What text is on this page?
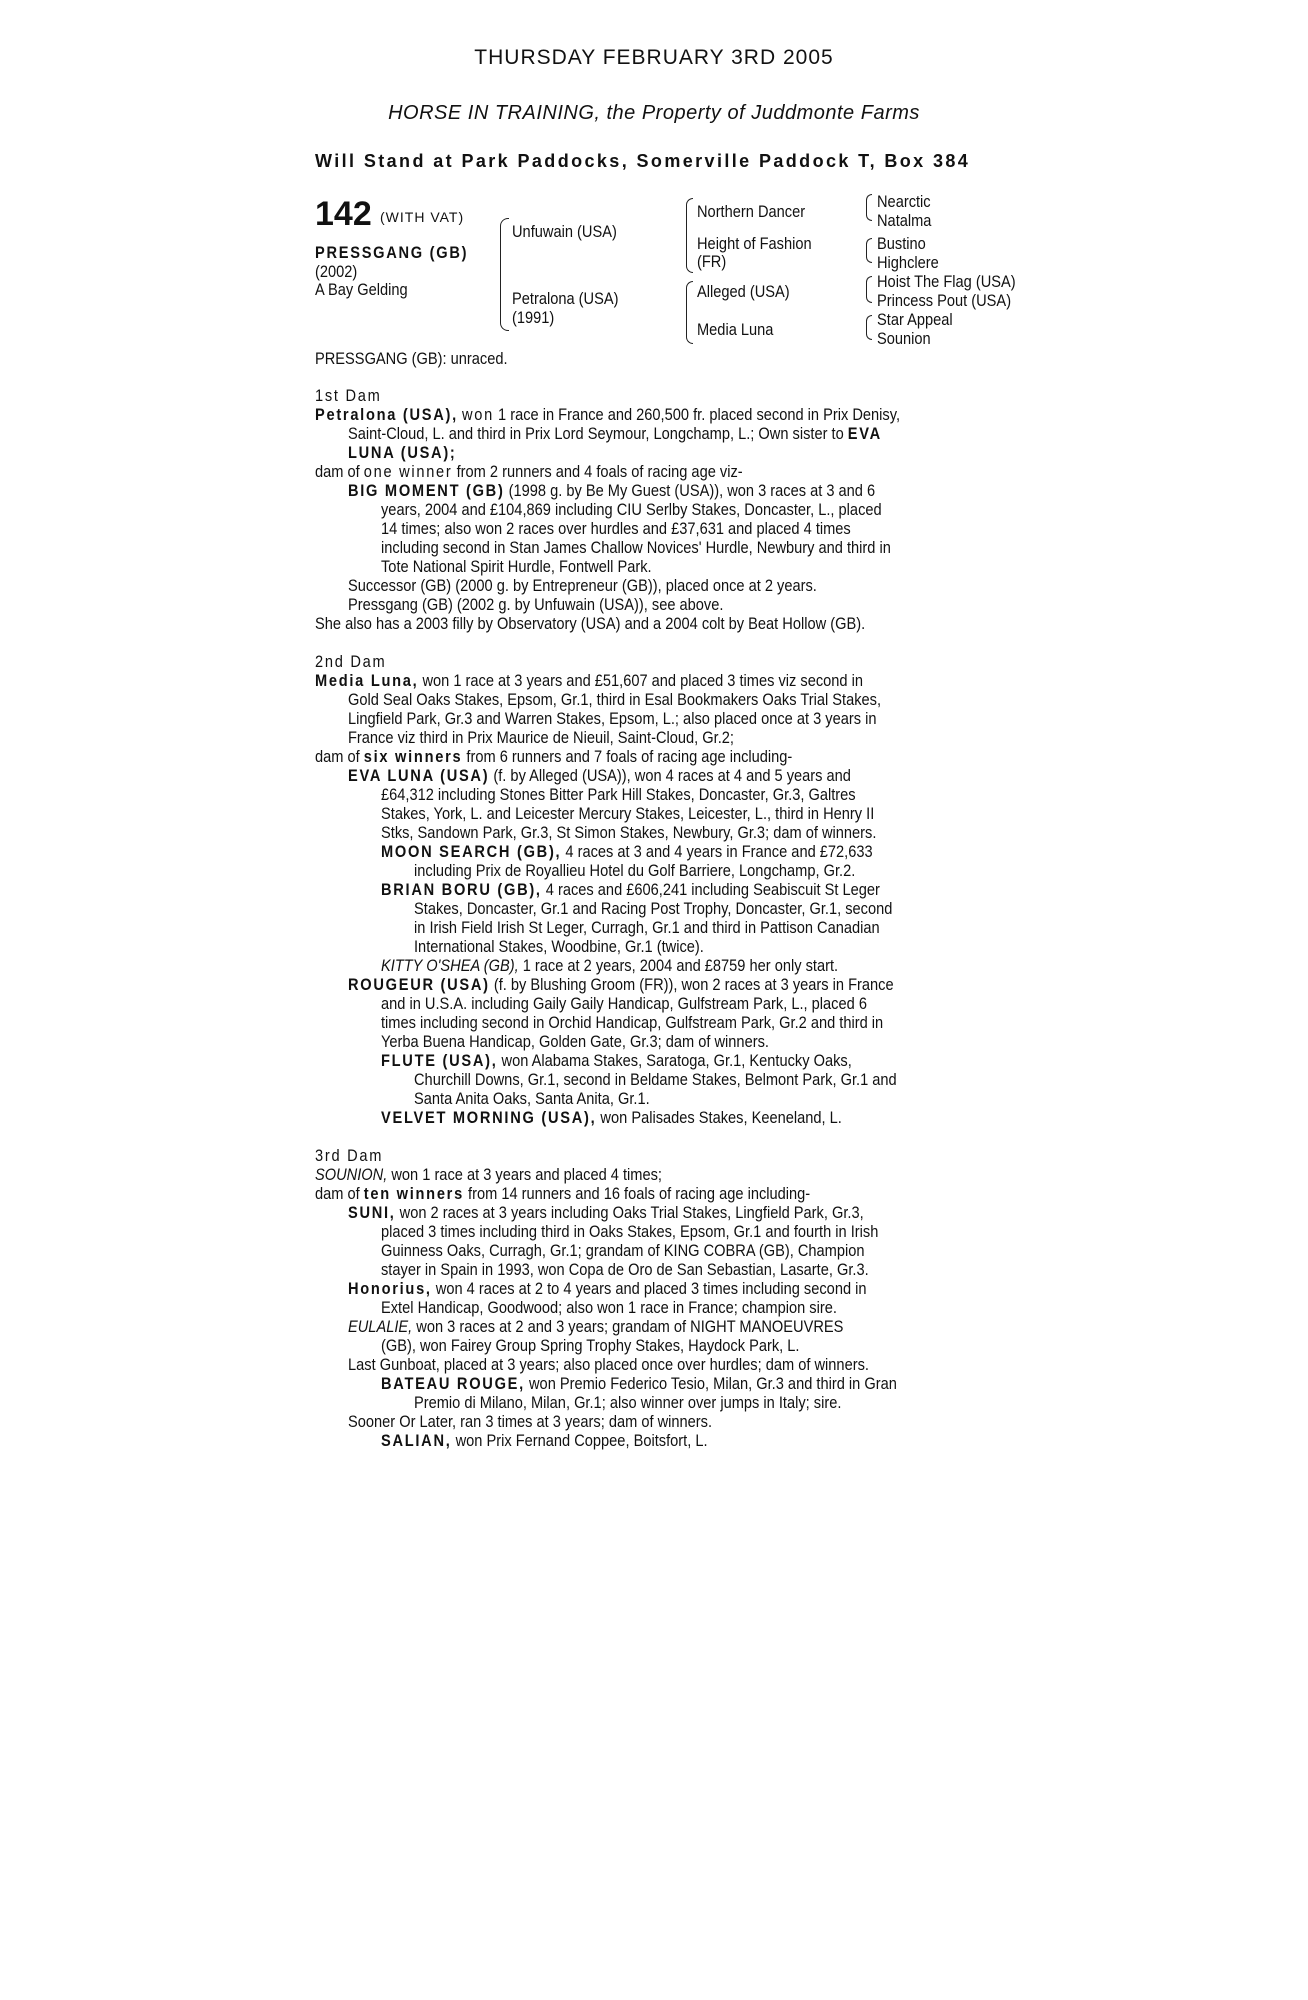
THURSDAY FEBRUARY 3RD 2005
HORSE IN TRAINING, the Property of Juddmonte Farms
Will Stand at Park Paddocks, Somerville Paddock T, Box 384
142 (WITH VAT)
PRESSGANG (GB)
(2002)
A Bay Gelding
Unfuwain (USA)
Petralona (USA)
(1991)
Northern Dancer
Height of Fashion
(FR)
Alleged (USA)
Media Luna
Nearctic
Natalma
Bustino
Highclere
Hoist The Flag (USA)
Princess Pout (USA)
Star Appeal
Sounion
PRESSGANG (GB): unraced.
1st Dam
Petralona (USA), won 1 race in France and 260,500 fr. placed second in Prix Denisy,
Saint-Cloud, L. and third in Prix Lord Seymour, Longchamp, L.; Own sister to EVA
LUNA (USA);
dam of one winner from 2 runners and 4 foals of racing age viz-
BIG MOMENT (GB) (1998 g. by Be My Guest (USA)), won 3 races at 3 and 6
years, 2004 and £104,869 including CIU Serlby Stakes, Doncaster, L., placed
14 times; also won 2 races over hurdles and £37,631 and placed 4 times
including second in Stan James Challow Novices' Hurdle, Newbury and third in
Tote National Spirit Hurdle, Fontwell Park.
Successor (GB) (2000 g. by Entrepreneur (GB)), placed once at 2 years.
Pressgang (GB) (2002 g. by Unfuwain (USA)), see above.
She also has a 2003 filly by Observatory (USA) and a 2004 colt by Beat Hollow (GB).
2nd Dam
Media Luna, won 1 race at 3 years and £51,607 and placed 3 times viz second in
Gold Seal Oaks Stakes, Epsom, Gr.1, third in Esal Bookmakers Oaks Trial Stakes,
Lingfield Park, Gr.3 and Warren Stakes, Epsom, L.; also placed once at 3 years in
France viz third in Prix Maurice de Nieuil, Saint-Cloud, Gr.2;
dam of six winners from 6 runners and 7 foals of racing age including-
EVA LUNA (USA) (f. by Alleged (USA)), won 4 races at 4 and 5 years and
£64,312 including Stones Bitter Park Hill Stakes, Doncaster, Gr.3, Galtres
Stakes, York, L. and Leicester Mercury Stakes, Leicester, L., third in Henry II
Stks, Sandown Park, Gr.3, St Simon Stakes, Newbury, Gr.3; dam of winners.
MOON SEARCH (GB), 4 races at 3 and 4 years in France and £72,633
including Prix de Royallieu Hotel du Golf Barriere, Longchamp, Gr.2.
BRIAN BORU (GB), 4 races and £606,241 including Seabiscuit St Leger
Stakes, Doncaster, Gr.1 and Racing Post Trophy, Doncaster, Gr.1, second
in Irish Field Irish St Leger, Curragh, Gr.1 and third in Pattison Canadian
International Stakes, Woodbine, Gr.1 (twice).
KITTY O'SHEA (GB), 1 race at 2 years, 2004 and £8759 her only start.
ROUGEUR (USA) (f. by Blushing Groom (FR)), won 2 races at 3 years in France
and in U.S.A. including Gaily Gaily Handicap, Gulfstream Park, L., placed 6
times including second in Orchid Handicap, Gulfstream Park, Gr.2 and third in
Yerba Buena Handicap, Golden Gate, Gr.3; dam of winners.
FLUTE (USA), won Alabama Stakes, Saratoga, Gr.1, Kentucky Oaks,
Churchill Downs, Gr.1, second in Beldame Stakes, Belmont Park, Gr.1 and
Santa Anita Oaks, Santa Anita, Gr.1.
VELVET MORNING (USA), won Palisades Stakes, Keeneland, L.
3rd Dam
SOUNION, won 1 race at 3 years and placed 4 times;
dam of ten winners from 14 runners and 16 foals of racing age including-
SUNI, won 2 races at 3 years including Oaks Trial Stakes, Lingfield Park, Gr.3,
placed 3 times including third in Oaks Stakes, Epsom, Gr.1 and fourth in Irish
Guinness Oaks, Curragh, Gr.1; grandam of KING COBRA (GB), Champion
stayer in Spain in 1993, won Copa de Oro de San Sebastian, Lasarte, Gr.3.
Honorius, won 4 races at 2 to 4 years and placed 3 times including second in
Extel Handicap, Goodwood; also won 1 race in France; champion sire.
EULALIE, won 3 races at 2 and 3 years; grandam of NIGHT MANOEUVRES
(GB), won Fairey Group Spring Trophy Stakes, Haydock Park, L.
Last Gunboat, placed at 3 years; also placed once over hurdles; dam of winners.
BATEAU ROUGE, won Premio Federico Tesio, Milan, Gr.3 and third in Gran
Premio di Milano, Milan, Gr.1; also winner over jumps in Italy; sire.
Sooner Or Later, ran 3 times at 3 years; dam of winners.
SALIAN, won Prix Fernand Coppee, Boitsfort, L.
